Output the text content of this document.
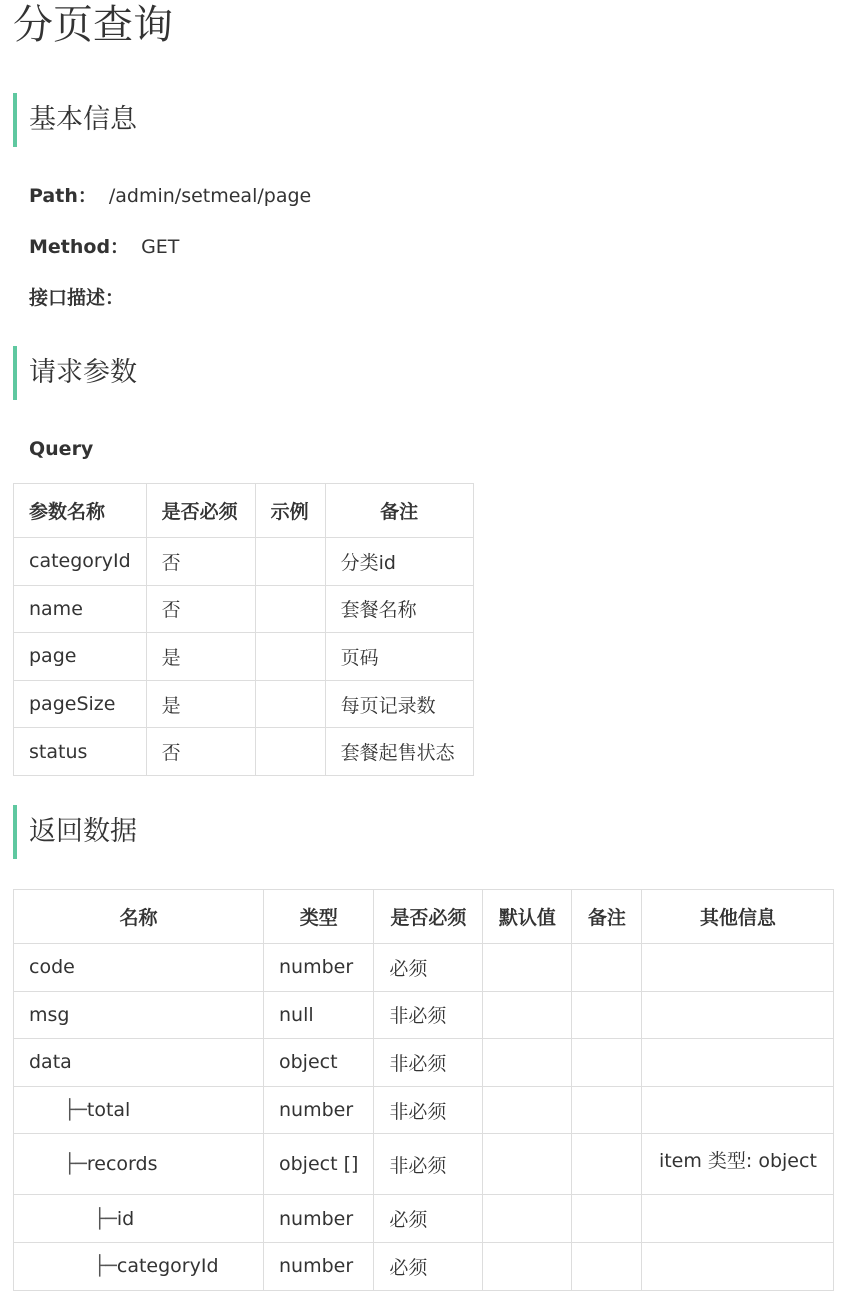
分页查询
基本信息
Path： /admin/setmeal/page
Method： GET
接口描述：
请求参数
Query
参数名称	是否必须	示例	备注
categoryId	否		分类id
name	否		套餐名称
page	是		页码
pageSize	是		每页记录数
status	否		套餐起售状态
返回数据
名称	类型	是否必须	默认值	备注	其他信息
code	number	必须			
msg	null	非必须			
data	object	非必须			
├─total	number	非必须			
├─records	object []	非必须			item 类型: object
├─id	number	必须			
├─categoryId	number	必须			
